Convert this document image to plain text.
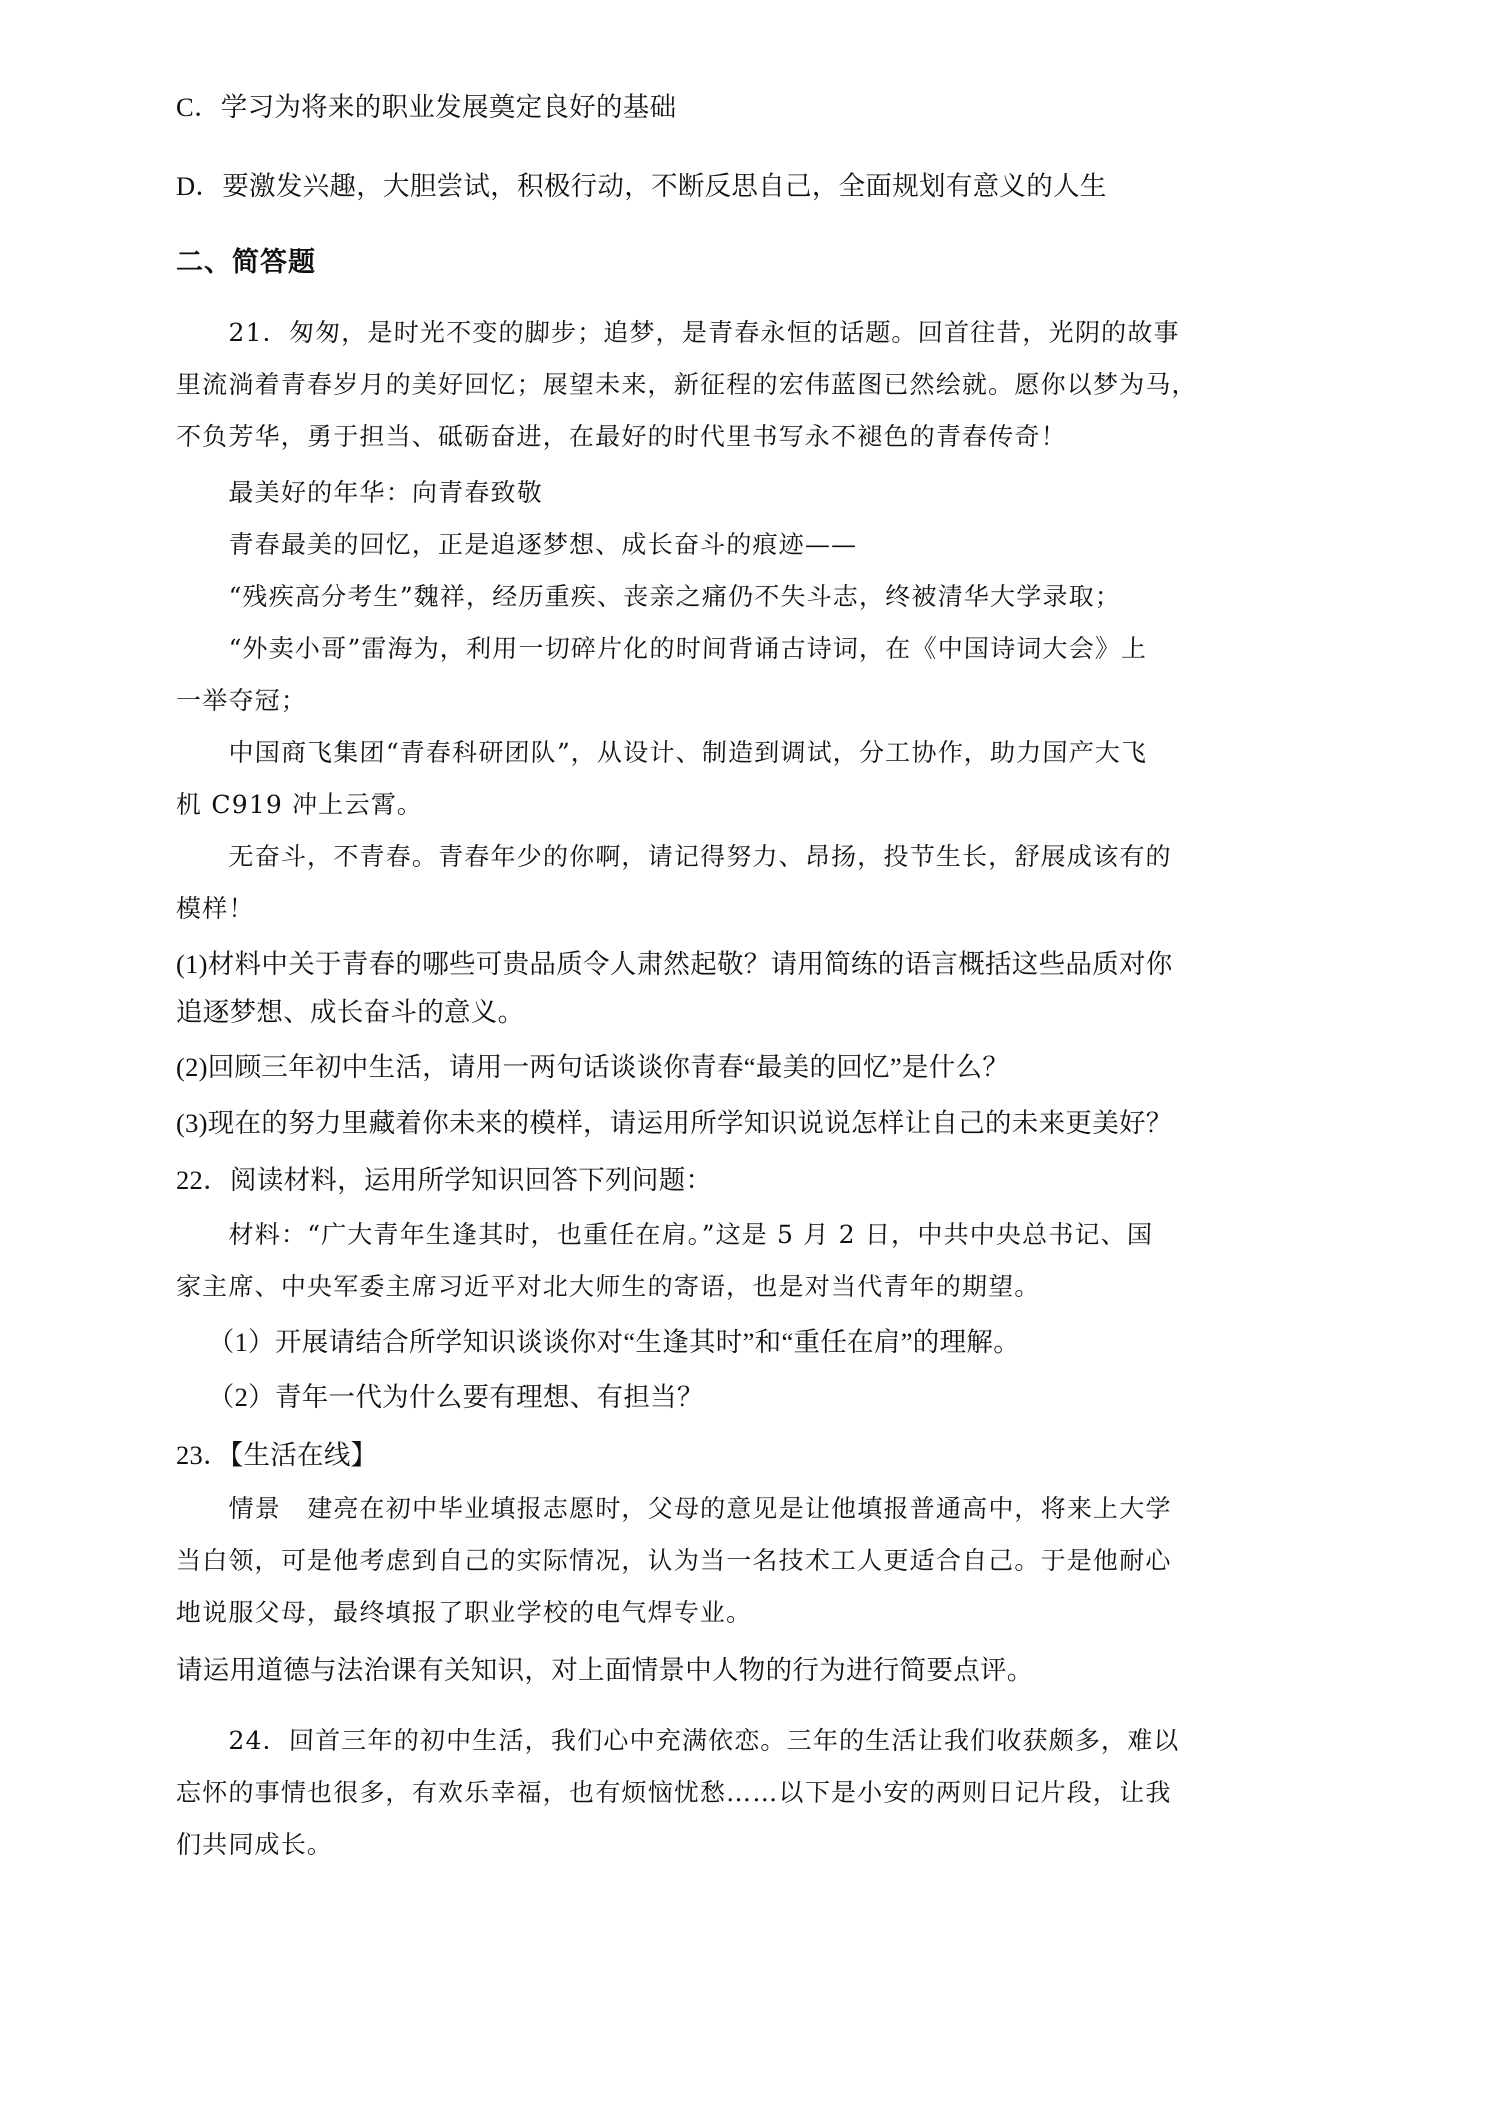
C．学习为将来的职业发展奠定良好的基础
D．要激发兴趣，大胆尝试，积极行动，不断反思自己，全面规划有意义的人生
二、简答题
21．匆匆，是时光不变的脚步；追梦，是青春永恒的话题。回首往昔，光阴的故事
里流淌着青春岁月的美好回忆；展望未来，新征程的宏伟蓝图已然绘就。愿你以梦为马，
不负芳华，勇于担当、砥砺奋进，在最好的时代里书写永不褪色的青春传奇！
最美好的年华：向青春致敬
青春最美的回忆，正是追逐梦想、成长奋斗的痕迹——
“残疾高分考生”魏祥，经历重疾、丧亲之痛仍不失斗志，终被清华大学录取；
“外卖小哥”雷海为，利用一切碎片化的时间背诵古诗词，在《中国诗词大会》上
一举夺冠；
中国商飞集团“青春科研团队”，从设计、制造到调试，分工协作，助力国产大飞
机 C919 冲上云霄。
无奋斗，不青春。青春年少的你啊，请记得努力、昂扬，投节生长，舒展成该有的
模样！
(1)材料中关于青春的哪些可贵品质令人肃然起敬？请用简练的语言概括这些品质对你
追逐梦想、成长奋斗的意义。
(2)回顾三年初中生活，请用一两句话谈谈你青春“最美的回忆”是什么？
(3)现在的努力里藏着你未来的模样，请运用所学知识说说怎样让自己的未来更美好？
22．阅读材料，运用所学知识回答下列问题：
材料：“广大青年生逢其时，也重任在肩。”这是 5 月 2 日，中共中央总书记、国
家主席、中央军委主席习近平对北大师生的寄语，也是对当代青年的期望。
（1）开展请结合所学知识谈谈你对“生逢其时”和“重任在肩”的理解。
（2）青年一代为什么要有理想、有担当？
23．【生活在线】
情景　建亮在初中毕业填报志愿时，父母的意见是让他填报普通高中，将来上大学
当白领，可是他考虑到自己的实际情况，认为当一名技术工人更适合自己。于是他耐心
地说服父母，最终填报了职业学校的电气焊专业。
请运用道德与法治课有关知识，对上面情景中人物的行为进行简要点评。
24．回首三年的初中生活，我们心中充满依恋。三年的生活让我们收获颇多，难以
忘怀的事情也很多，有欢乐幸福，也有烦恼忧愁……以下是小安的两则日记片段，让我
们共同成长。
